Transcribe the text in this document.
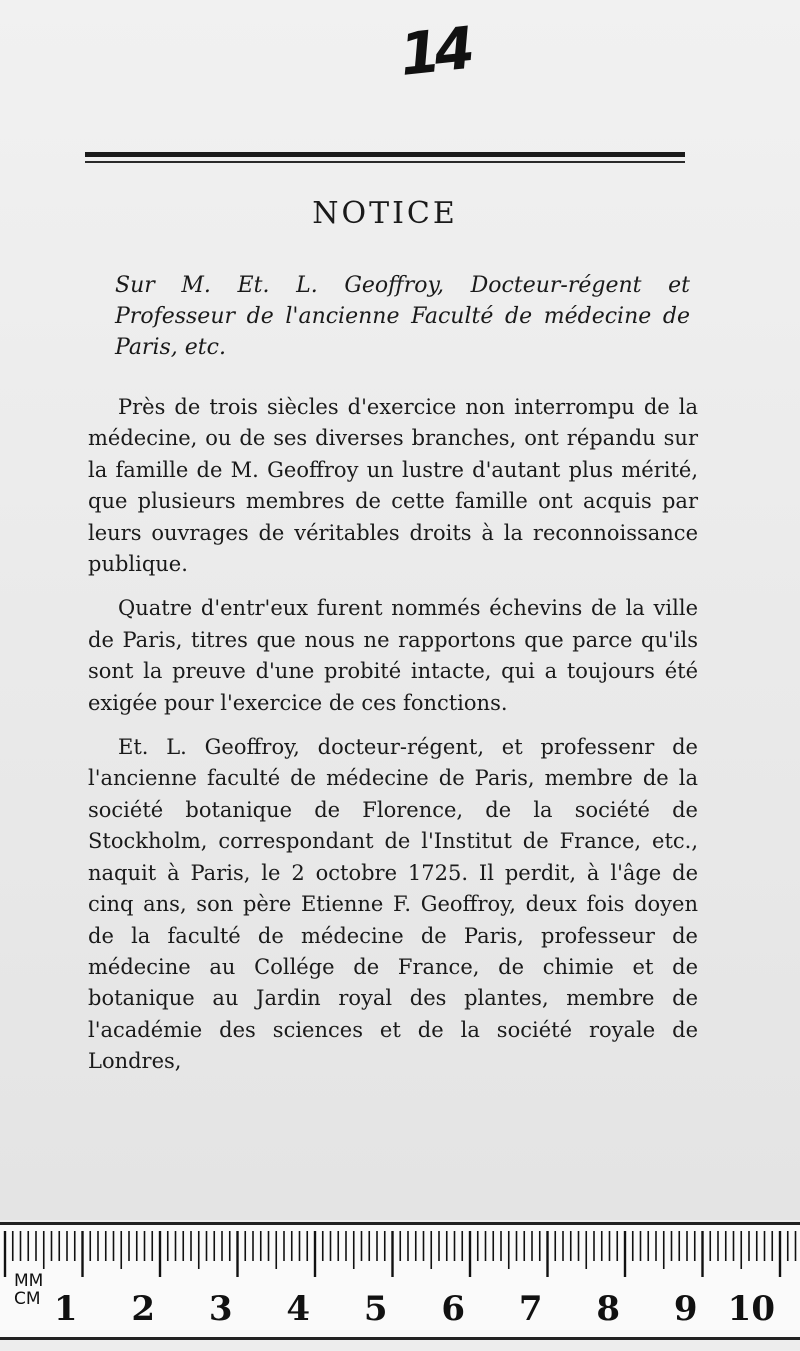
14
NOTICE
Sur M. Et. L. Geoffroy, Docteur-régent et
Professeur de l'ancienne Faculté de médecine de
Paris, etc.

Près de trois siècles d'exercice non interrompu de la médecine, ou de ses diverses branches, ont répandu sur la famille de M. Geoffroy un lustre d'autant plus mérité, que plusieurs membres de cette famille ont acquis par leurs ouvrages de véritables droits à la reconnoissance publique.

Quatre d'entr'eux furent nommés échevins de la ville de Paris, titres que nous ne rapportons que parce qu'ils sont la preuve d'une probité intacte, qui a toujours été exigée pour l'exercice de ces fonctions.

Et. L. Geoffroy, docteur-régent, et professenr de l'ancienne faculté de médecine de Paris, membre de la société botanique de Florence, de la société de Stockholm, correspondant de l'Institut de France, etc., naquit à Paris, le 2 octobre 1725. Il perdit, à l'âge de cinq ans, son père Etienne F. Geoffroy, deux fois doyen de la faculté de médecine de Paris, professeur de médecine au Collége de France, de chimie et de botanique au Jardin royal des plantes, membre de l'académie des sciences et de la société royale de Londres,

1 2 3 4 5 6 7 8 9 10
MM
CM
